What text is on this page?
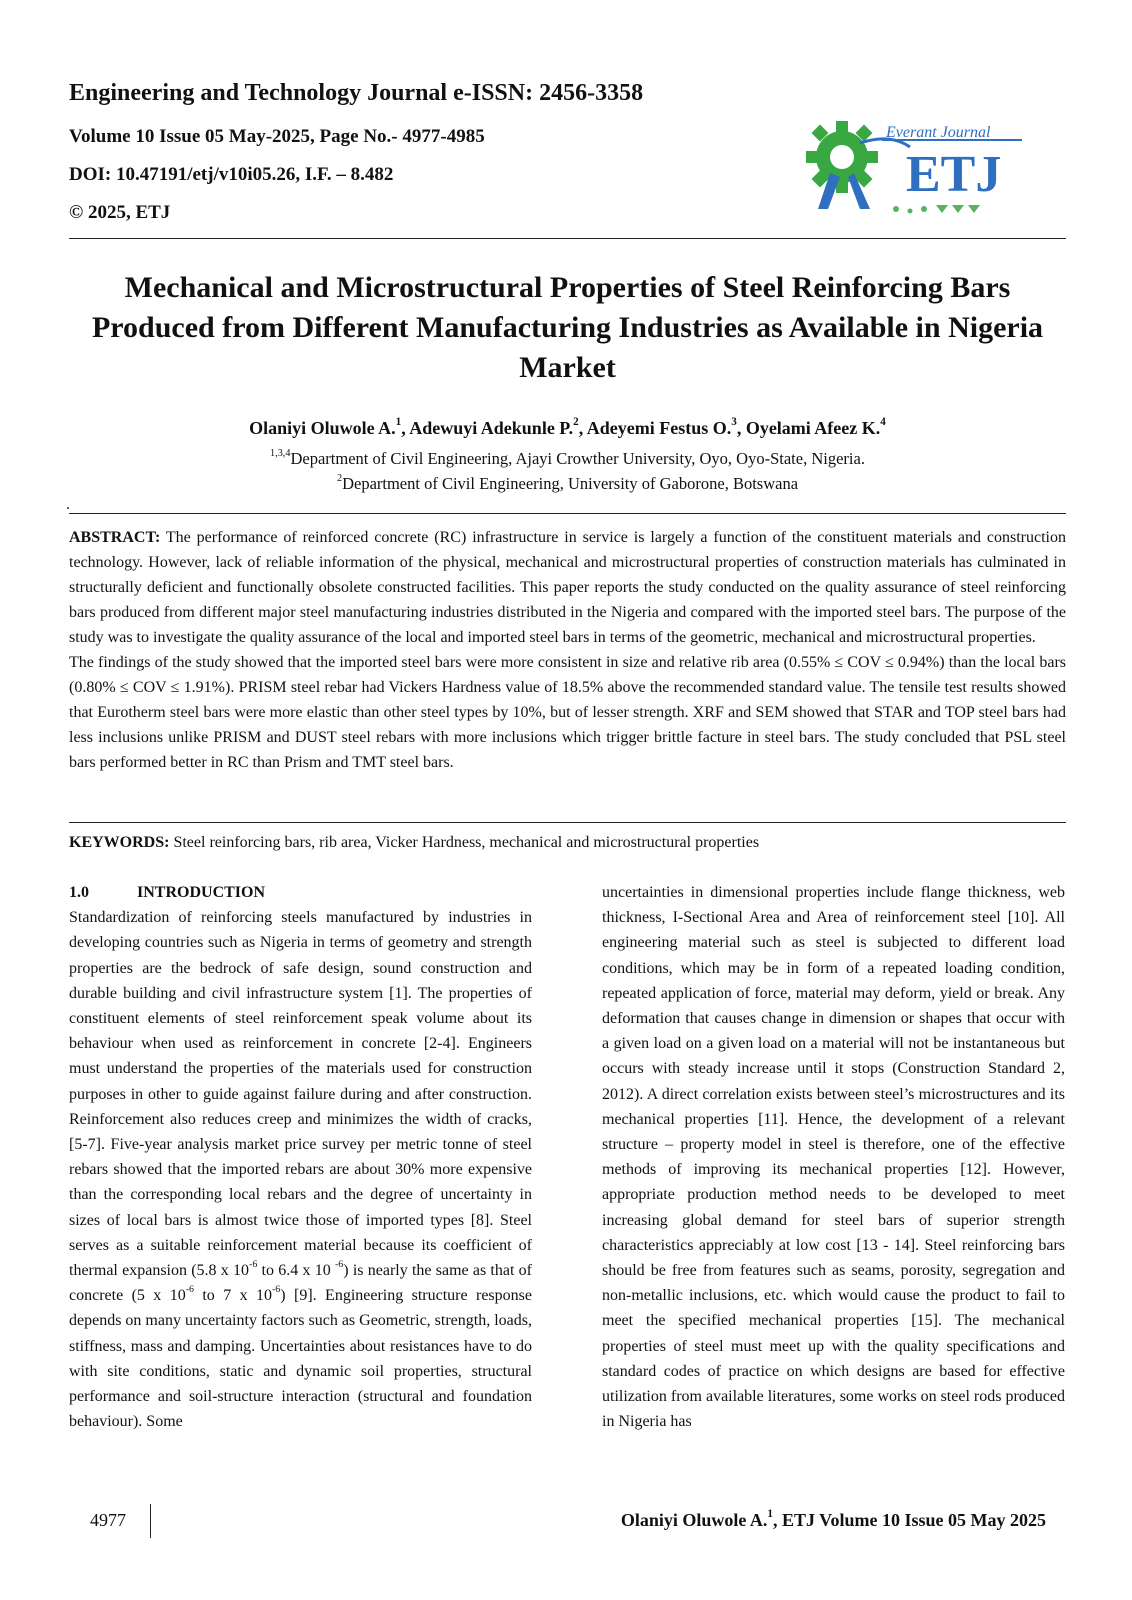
Engineering and Technology Journal e-ISSN: 2456-3358
Volume 10 Issue 05 May-2025, Page No.- 4977-4985
DOI: 10.47191/etj/v10i05.26, I.F. – 8.482
© 2025, ETJ
Everant Journal
ETJ
Mechanical and Microstructural Properties of Steel Reinforcing Bars Produced from Different Manufacturing Industries as Available in Nigeria Market
Olaniyi Oluwole A.$^1$, Adewuyi Adekunle P.$^2$, Adeyemi Festus O.$^3$, Oyelami Afeez K.$^4$
$^{1,3,4}$Department of Civil Engineering, Ajayi Crowther University, Oyo, Oyo-State, Nigeria.
$^2$Department of Civil Engineering, University of Gaborone, Botswana
.

ABSTRACT: The performance of reinforced concrete (RC) infrastructure in service is largely a function of the constituent materials and construction technology. However, lack of reliable information of the physical, mechanical and microstructural properties of construction materials has culminated in structurally deficient and functionally obsolete constructed facilities. This paper reports the study conducted on the quality assurance of steel reinforcing bars produced from different major steel manufacturing industries distributed in the Nigeria and compared with the imported steel bars. The purpose of the study was to investigate the quality assurance of the local and imported steel bars in terms of the geometric, mechanical and microstructural properties.

The findings of the study showed that the imported steel bars were more consistent in size and relative rib area (0.55% ≤ COV ≤ 0.94%) than the local bars (0.80% ≤ COV ≤ 1.91%). PRISM steel rebar had Vickers Hardness value of 18.5% above the recommended standard value. The tensile test results showed that Eurotherm steel bars were more elastic than other steel types by 10%, but of lesser strength. XRF and SEM showed that STAR and TOP steel bars had less inclusions unlike PRISM and DUST steel rebars with more inclusions which trigger brittle facture in steel bars. The study concluded that PSL steel bars performed better in RC than Prism and TMT steel bars.

KEYWORDS: Steel reinforcing bars, rib area, Vicker Hardness, mechanical and microstructural properties
1.0	INTRODUCTION

Standardization of reinforcing steels manufactured by industries in developing countries such as Nigeria in terms of geometry and strength properties are the bedrock of safe design, sound construction and durable building and civil infrastructure system [1]. The properties of constituent elements of steel reinforcement speak volume about its behaviour when used as reinforcement in concrete [2-4]. Engineers must understand the properties of the materials used for construction purposes in other to guide against failure during and after construction. Reinforcement also reduces creep and minimizes the width of cracks, [5-7]. Five-year analysis market price survey per metric tonne of steel rebars showed that the imported rebars are about 30% more expensive than the corresponding local rebars and the degree of uncertainty in sizes of local bars is almost twice those of imported types [8]. Steel serves as a suitable reinforcement material because its coefficient of thermal expansion (5.8 x $10^{-6}$ to 6.4 x 10 $^{-6}$) is nearly the same as that of concrete (5 x $10^{-6}$ to 7 x $10^{-6}$) [9]. Engineering structure response depends on many uncertainty factors such as Geometric, strength, loads, stiffness, mass and damping. Uncertainties about resistances have to do with site conditions, static and dynamic soil properties, structural performance and soil-structure interaction (structural and foundation behaviour). Some

uncertainties in dimensional properties include flange thickness, web thickness, I-Sectional Area and Area of reinforcement steel [10]. All engineering material such as steel is subjected to different load conditions, which may be in form of a repeated loading condition, repeated application of force, material may deform, yield or break. Any deformation that causes change in dimension or shapes that occur with a given load on a given load on a material will not be instantaneous but occurs with steady increase until it stops (Construction Standard 2, 2012). A direct correlation exists between steel’s microstructures and its mechanical properties [11]. Hence, the development of a relevant structure – property model in steel is therefore, one of the effective methods of improving its mechanical properties [12]. However, appropriate production method needs to be developed to meet increasing global demand for steel bars of superior strength characteristics appreciably at low cost [13 - 14]. Steel reinforcing bars should be free from features such as seams, porosity, segregation and non-metallic inclusions, etc. which would cause the product to fail to meet the specified mechanical properties [15]. The mechanical properties of steel must meet up with the quality specifications and standard codes of practice on which designs are based for effective utilization from available literatures, some works on steel rods produced in Nigeria has

4977	Olaniyi Oluwole A.$^1$, ETJ Volume 10 Issue 05 May 2025
